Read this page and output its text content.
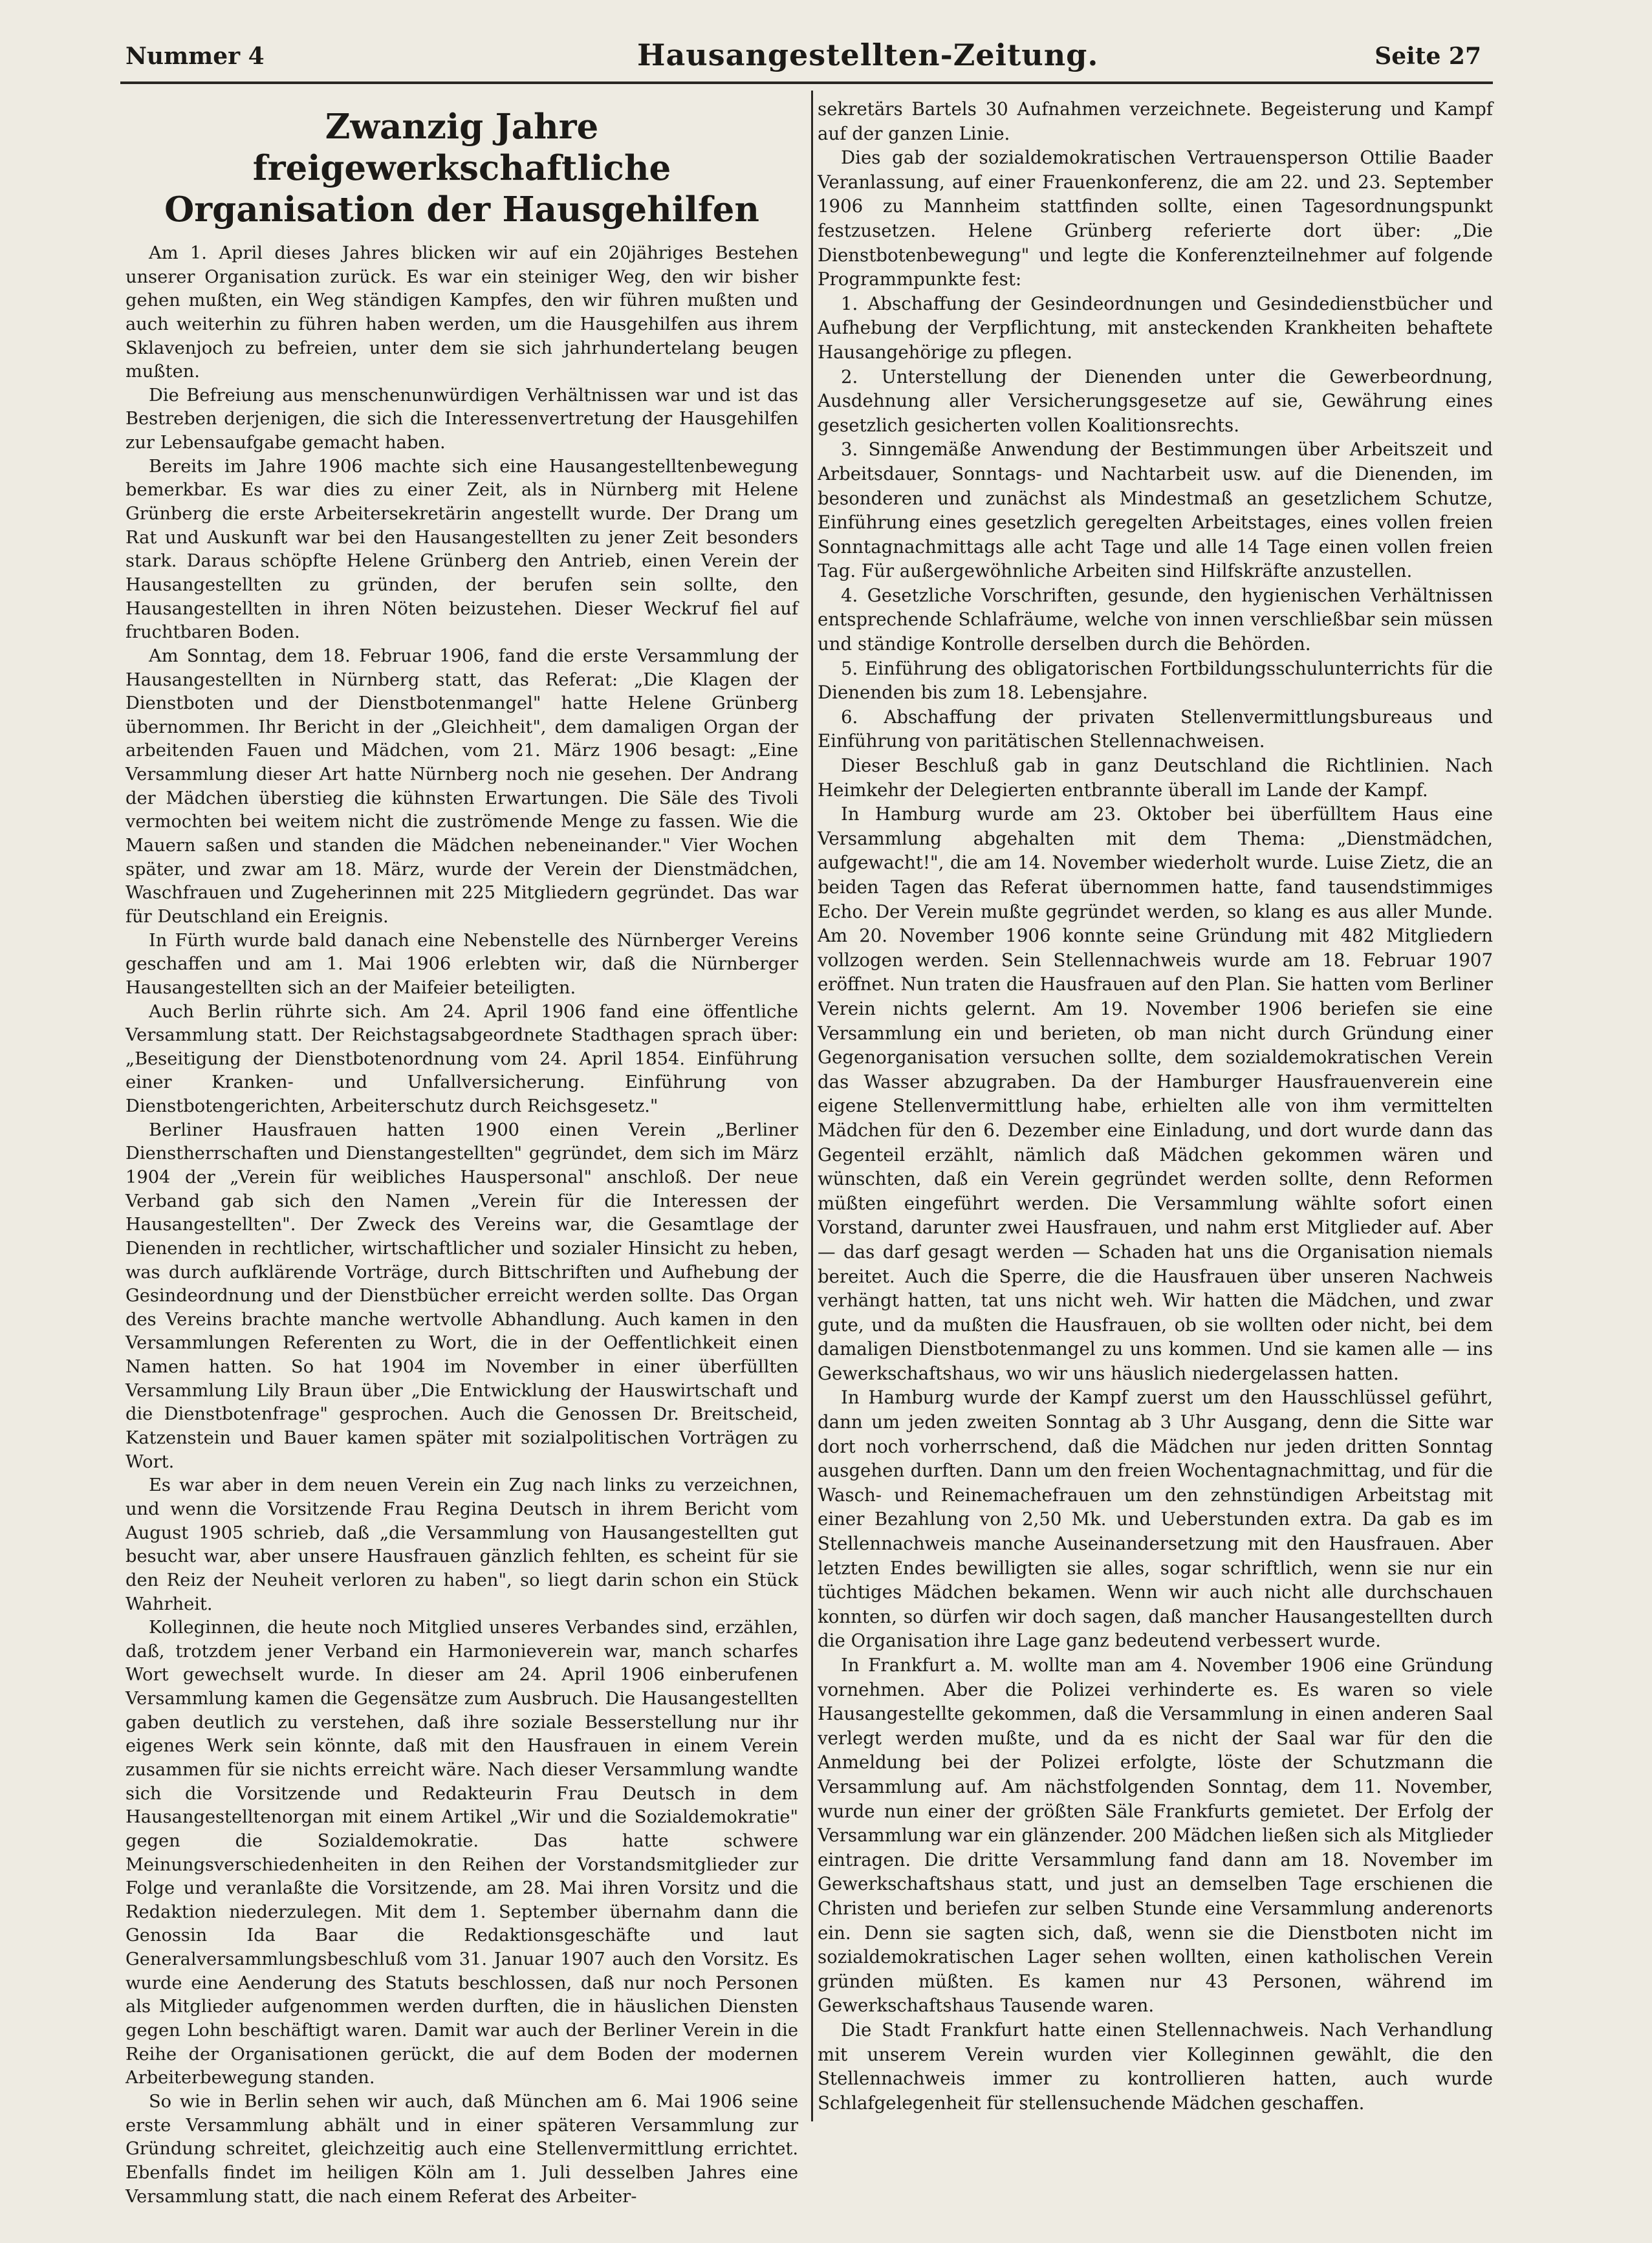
Nummer 4	Hausangestellten-Zeitung.	Seite 27
Zwanzig Jahre freigewerkschaftliche
Organisation der Hausgehilfen

Am 1. April dieses Jahres blicken wir auf ein 20jähriges Bestehen unserer Organisation zurück. Es war ein steiniger Weg, den wir bisher gehen mußten, ein Weg ständigen Kampfes, den wir führen mußten und auch weiterhin zu führen haben werden, um die Hausgehilfen aus ihrem Sklavenjoch zu befreien, unter dem sie sich jahrhundertelang beugen mußten.

Die Befreiung aus menschenunwürdigen Verhältnissen war und ist das Bestreben derjenigen, die sich die Interessenvertretung der Hausgehilfen zur Lebensaufgabe gemacht haben.

Bereits im Jahre 1906 machte sich eine Hausangestelltenbewegung bemerkbar. Es war dies zu einer Zeit, als in Nürnberg mit Helene Grünberg die erste Arbeitersekretärin angestellt wurde. Der Drang um Rat und Auskunft war bei den Hausangestellten zu jener Zeit besonders stark. Daraus schöpfte Helene Grünberg den Antrieb, einen Verein der Hausangestellten zu gründen, der berufen sein sollte, den Hausangestellten in ihren Nöten beizustehen. Dieser Weckruf fiel auf fruchtbaren Boden.

Am Sonntag, dem 18. Februar 1906, fand die erste Versammlung der Hausangestellten in Nürnberg statt, das Referat: „Die Klagen der Dienstboten und der Dienstbotenmangel" hatte Helene Grünberg übernommen. Ihr Bericht in der „Gleichheit", dem damaligen Organ der arbeitenden Fauen und Mädchen, vom 21. März 1906 besagt: „Eine Versammlung dieser Art hatte Nürnberg noch nie gesehen. Der Andrang der Mädchen überstieg die kühnsten Erwartungen. Die Säle des Tivoli vermochten bei weitem nicht die zuströmende Menge zu fassen. Wie die Mauern saßen und standen die Mädchen nebeneinander." Vier Wochen später, und zwar am 18. März, wurde der Verein der Dienstmädchen, Waschfrauen und Zugeherinnen mit 225 Mitgliedern gegründet. Das war für Deutschland ein Ereignis.

In Fürth wurde bald danach eine Nebenstelle des Nürnberger Vereins geschaffen und am 1. Mai 1906 erlebten wir, daß die Nürnberger Hausangestellten sich an der Maifeier beteiligten.

Auch Berlin rührte sich. Am 24. April 1906 fand eine öffentliche Versammlung statt. Der Reichstagsabgeordnete Stadthagen sprach über: „Beseitigung der Dienstbotenordnung vom 24. April 1854. Einführung einer Kranken- und Unfallversicherung. Einführung von Dienstbotengerichten, Arbeiterschutz durch Reichsgesetz."

Berliner Hausfrauen hatten 1900 einen Verein „Berliner Dienstherrschaften und Dienstangestellten" gegründet, dem sich im März 1904 der „Verein für weibliches Hauspersonal" anschloß. Der neue Verband gab sich den Namen „Verein für die Interessen der Hausangestellten". Der Zweck des Vereins war, die Gesamtlage der Dienenden in rechtlicher, wirtschaftlicher und sozialer Hinsicht zu heben, was durch aufklärende Vorträge, durch Bittschriften und Aufhebung der Gesindeordnung und der Dienstbücher erreicht werden sollte. Das Organ des Vereins brachte manche wertvolle Abhandlung. Auch kamen in den Versammlungen Referenten zu Wort, die in der Oeffentlichkeit einen Namen hatten. So hat 1904 im November in einer überfüllten Versammlung Lily Braun über „Die Entwicklung der Hauswirtschaft und die Dienstbotenfrage" gesprochen. Auch die Genossen Dr. Breitscheid, Katzenstein und Bauer kamen später mit sozialpolitischen Vorträgen zu Wort.

Es war aber in dem neuen Verein ein Zug nach links zu verzeichnen, und wenn die Vorsitzende Frau Regina Deutsch in ihrem Bericht vom August 1905 schrieb, daß „die Versammlung von Hausangestellten gut besucht war, aber unsere Hausfrauen gänzlich fehlten, es scheint für sie den Reiz der Neuheit verloren zu haben", so liegt darin schon ein Stück Wahrheit.

Kolleginnen, die heute noch Mitglied unseres Verbandes sind, erzählen, daß, trotzdem jener Verband ein Harmonieverein war, manch scharfes Wort gewechselt wurde. In dieser am 24. April 1906 einberufenen Versammlung kamen die Gegensätze zum Ausbruch. Die Hausangestellten gaben deutlich zu verstehen, daß ihre soziale Besserstellung nur ihr eigenes Werk sein könnte, daß mit den Hausfrauen in einem Verein zusammen für sie nichts erreicht wäre. Nach dieser Versammlung wandte sich die Vorsitzende und Redakteurin Frau Deutsch in dem Hausangestelltenorgan mit einem Artikel „Wir und die Sozialdemokratie" gegen die Sozialdemokratie. Das hatte schwere Meinungsverschiedenheiten in den Reihen der Vorstandsmitglieder zur Folge und veranlaßte die Vorsitzende, am 28. Mai ihren Vorsitz und die Redaktion niederzulegen. Mit dem 1. September übernahm dann die Genossin Ida Baar die Redaktionsgeschäfte und laut Generalversammlungsbeschluß vom 31. Januar 1907 auch den Vorsitz. Es wurde eine Aenderung des Statuts beschlossen, daß nur noch Personen als Mitglieder aufgenommen werden durften, die in häuslichen Diensten gegen Lohn beschäftigt waren. Damit war auch der Berliner Verein in die Reihe der Organisationen gerückt, die auf dem Boden der modernen Arbeiterbewegung standen.

So wie in Berlin sehen wir auch, daß München am 6. Mai 1906 seine erste Versammlung abhält und in einer späteren Versammlung zur Gründung schreitet, gleichzeitig auch eine Stellenvermittlung errichtet. Ebenfalls findet im heiligen Köln am 1. Juli desselben Jahres eine Versammlung statt, die nach einem Referat des Arbeiter-

sekretärs Bartels 30 Aufnahmen verzeichnete. Begeisterung und Kampf auf der ganzen Linie.

Dies gab der sozialdemokratischen Vertrauensperson Ottilie Baader Veranlassung, auf einer Frauenkonferenz, die am 22. und 23. September 1906 zu Mannheim stattfinden sollte, einen Tagesordnungspunkt festzusetzen. Helene Grünberg referierte dort über: „Die Dienstbotenbewegung" und legte die Konferenzteilnehmer auf folgende Programmpunkte fest:

1. Abschaffung der Gesindeordnungen und Gesindedienstbücher und Aufhebung der Verpflichtung, mit ansteckenden Krankheiten behaftete Hausangehörige zu pflegen.

2. Unterstellung der Dienenden unter die Gewerbeordnung, Ausdehnung aller Versicherungsgesetze auf sie, Gewährung eines gesetzlich gesicherten vollen Koalitionsrechts.

3. Sinngemäße Anwendung der Bestimmungen über Arbeitszeit und Arbeitsdauer, Sonntags- und Nachtarbeit usw. auf die Dienenden, im besonderen und zunächst als Mindestmaß an gesetzlichem Schutze, Einführung eines gesetzlich geregelten Arbeitstages, eines vollen freien Sonntagnachmittags alle acht Tage und alle 14 Tage einen vollen freien Tag. Für außergewöhnliche Arbeiten sind Hilfskräfte anzustellen.

4. Gesetzliche Vorschriften, gesunde, den hygienischen Verhältnissen entsprechende Schlafräume, welche von innen verschließbar sein müssen und ständige Kontrolle derselben durch die Behörden.

5. Einführung des obligatorischen Fortbildungsschulunterrichts für die Dienenden bis zum 18. Lebensjahre.

6. Abschaffung der privaten Stellenvermittlungsbureaus und Einführung von paritätischen Stellennachweisen.

Dieser Beschluß gab in ganz Deutschland die Richtlinien. Nach Heimkehr der Delegierten entbrannte überall im Lande der Kampf.

In Hamburg wurde am 23. Oktober bei überfülltem Haus eine Versammlung abgehalten mit dem Thema: „Dienstmädchen, aufgewacht!", die am 14. November wiederholt wurde. Luise Zietz, die an beiden Tagen das Referat übernommen hatte, fand tausendstimmiges Echo. Der Verein mußte gegründet werden, so klang es aus aller Munde. Am 20. November 1906 konnte seine Gründung mit 482 Mitgliedern vollzogen werden. Sein Stellennachweis wurde am 18. Februar 1907 eröffnet. Nun traten die Hausfrauen auf den Plan. Sie hatten vom Berliner Verein nichts gelernt. Am 19. November 1906 beriefen sie eine Versammlung ein und berieten, ob man nicht durch Gründung einer Gegenorganisation versuchen sollte, dem sozialdemokratischen Verein das Wasser abzugraben. Da der Hamburger Hausfrauenverein eine eigene Stellenvermittlung habe, erhielten alle von ihm vermittelten Mädchen für den 6. Dezember eine Einladung, und dort wurde dann das Gegenteil erzählt, nämlich daß Mädchen gekommen wären und wünschten, daß ein Verein gegründet werden sollte, denn Reformen müßten eingeführt werden. Die Versammlung wählte sofort einen Vorstand, darunter zwei Hausfrauen, und nahm erst Mitglieder auf. Aber — das darf gesagt werden — Schaden hat uns die Organisation niemals bereitet. Auch die Sperre, die die Hausfrauen über unseren Nachweis verhängt hatten, tat uns nicht weh. Wir hatten die Mädchen, und zwar gute, und da mußten die Hausfrauen, ob sie wollten oder nicht, bei dem damaligen Dienstbotenmangel zu uns kommen. Und sie kamen alle — ins Gewerkschaftshaus, wo wir uns häuslich niedergelassen hatten.

In Hamburg wurde der Kampf zuerst um den Hausschlüssel geführt, dann um jeden zweiten Sonntag ab 3 Uhr Ausgang, denn die Sitte war dort noch vorherrschend, daß die Mädchen nur jeden dritten Sonntag ausgehen durften. Dann um den freien Wochentagnachmittag, und für die Wasch- und Reinemachefrauen um den zehnstündigen Arbeitstag mit einer Bezahlung von 2,50 Mk. und Ueberstunden extra. Da gab es im Stellennachweis manche Auseinandersetzung mit den Hausfrauen. Aber letzten Endes bewilligten sie alles, sogar schriftlich, wenn sie nur ein tüchtiges Mädchen bekamen. Wenn wir auch nicht alle durchschauen konnten, so dürfen wir doch sagen, daß mancher Hausangestellten durch die Organisation ihre Lage ganz bedeutend verbessert wurde.

In Frankfurt a. M. wollte man am 4. November 1906 eine Gründung vornehmen. Aber die Polizei verhinderte es. Es waren so viele Hausangestellte gekommen, daß die Versammlung in einen anderen Saal verlegt werden mußte, und da es nicht der Saal war für den die Anmeldung bei der Polizei erfolgte, löste der Schutzmann die Versammlung auf. Am nächstfolgenden Sonntag, dem 11. November, wurde nun einer der größten Säle Frankfurts gemietet. Der Erfolg der Versammlung war ein glänzender. 200 Mädchen ließen sich als Mitglieder eintragen. Die dritte Versammlung fand dann am 18. November im Gewerkschaftshaus statt, und just an demselben Tage erschienen die Christen und beriefen zur selben Stunde eine Versammlung anderenorts ein. Denn sie sagten sich, daß, wenn sie die Dienstboten nicht im sozialdemokratischen Lager sehen wollten, einen katholischen Verein gründen müßten. Es kamen nur 43 Personen, während im Gewerkschaftshaus Tausende waren.

Die Stadt Frankfurt hatte einen Stellennachweis. Nach Verhandlung mit unserem Verein wurden vier Kolleginnen gewählt, die den Stellennachweis immer zu kontrollieren hatten, auch wurde Schlafgelegenheit für stellensuchende Mädchen geschaffen.
